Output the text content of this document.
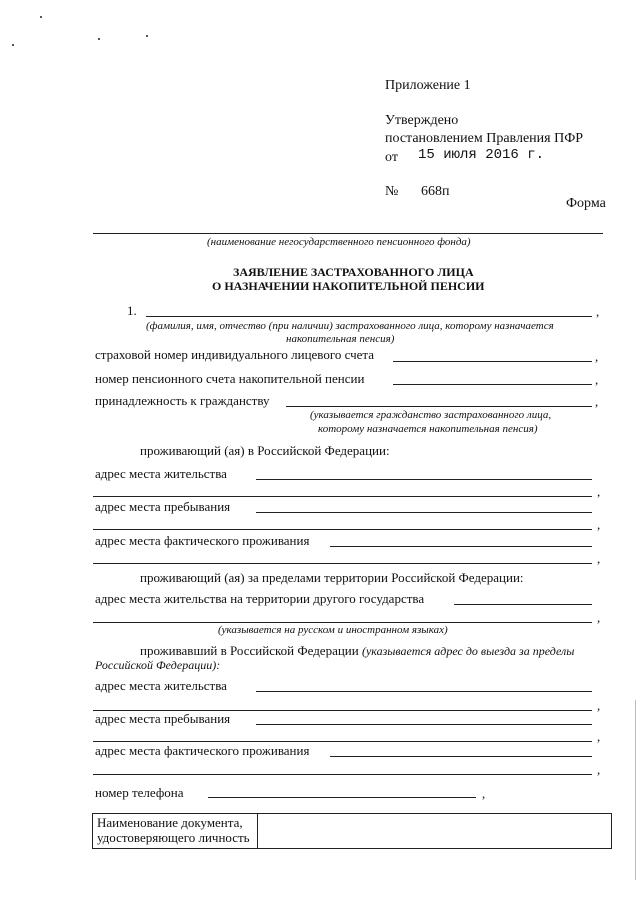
Приложение 1
Утверждено
постановлением Правления ПФР
от 15 июля 2016 г.
№ 668п
Форма
(наименование негосударственного пенсионного фонда)
ЗАЯВЛЕНИЕ ЗАСТРАХОВАННОГО ЛИЦА
О НАЗНАЧЕНИИ НАКОПИТЕЛЬНОЙ ПЕНСИИ
1.	,
(фамилия, имя, отчество (при наличии) застрахованного лица, которому назначается
накопительная пенсия)
страховой номер индивидуального лицевого счета	,
номер пенсионного счета накопительной пенсии	,
принадлежность к гражданству	,
(указывается гражданство застрахованного лица,
которому назначается накопительная пенсия)
проживающий (ая) в Российской Федерации:
адрес места жительства
,
адрес места пребывания
,
адрес места фактического проживания
,
проживающий (ая) за пределами территории Российской Федерации:
адрес места жительства на территории другого государства
,
(указывается на русском и иностранном языках)
проживавший в Российской Федерации (указывается адрес до выезда за пределы
Российской Федерации):
адрес места жительства
,
адрес места пребывания
,
адрес места фактического проживания
,
номер телефона	,
Наименование документа,
удостоверяющего личность
